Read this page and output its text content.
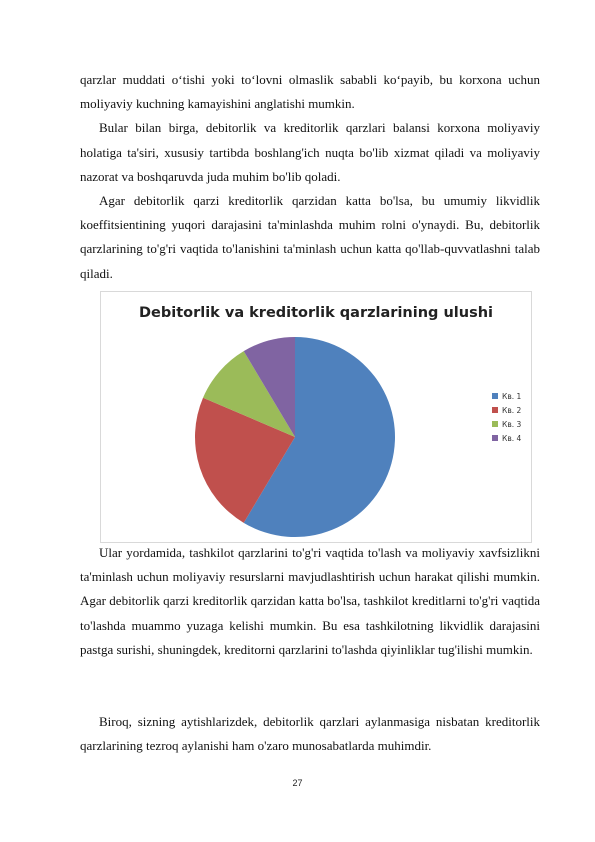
qarzlar muddati o‘tishi yoki to‘lovni olmaslik sababli ko‘payib, bu korxona uchun moliyaviy kuchning kamayishini anglatishi mumkin.

Bular bilan birga, debitorlik va kreditorlik qarzlari balansi korxona moliyaviy holatiga ta'siri, xususiy tartibda boshlang'ich nuqta bo'lib xizmat qiladi va moliyaviy nazorat va boshqaruvda juda muhim bo'lib qoladi.

Agar debitorlik qarzi kreditorlik qarzidan katta bo'lsa, bu umumiy likvidlik koeffitsientining yuqori darajasini ta'minlashda muhim rolni o'ynaydi. Bu, debitorlik qarzlarining to'g'ri vaqtida to'lanishini ta'minlash uchun katta qo'llab-quvvatlashni talab qiladi.

Debitorlik va kreditorlik qarzlarining ulushi
Кв. 1
Кв. 2
Кв. 3
Кв. 4

Ular yordamida, tashkilot qarzlarini to'g'ri vaqtida to'lash va moliyaviy xavfsizlikni ta'minlash uchun moliyaviy resurslarni mavjudlashtirish uchun harakat qilishi mumkin. Agar debitorlik qarzi kreditorlik qarzidan katta bo'lsa, tashkilot kreditlarni to'g'ri vaqtida to'lashda muammo yuzaga kelishi mumkin. Bu esa tashkilotning likvidlik darajasini pastga surishi, shuningdek, kreditorni qarzlarini to'lashda qiyinliklar tug'ilishi mumkin.

Biroq, sizning aytishlarizdek, debitorlik qarzlari aylanmasiga nisbatan kreditorlik qarzlarining tezroq aylanishi ham o'zaro munosabatlarda muhimdir.

27
